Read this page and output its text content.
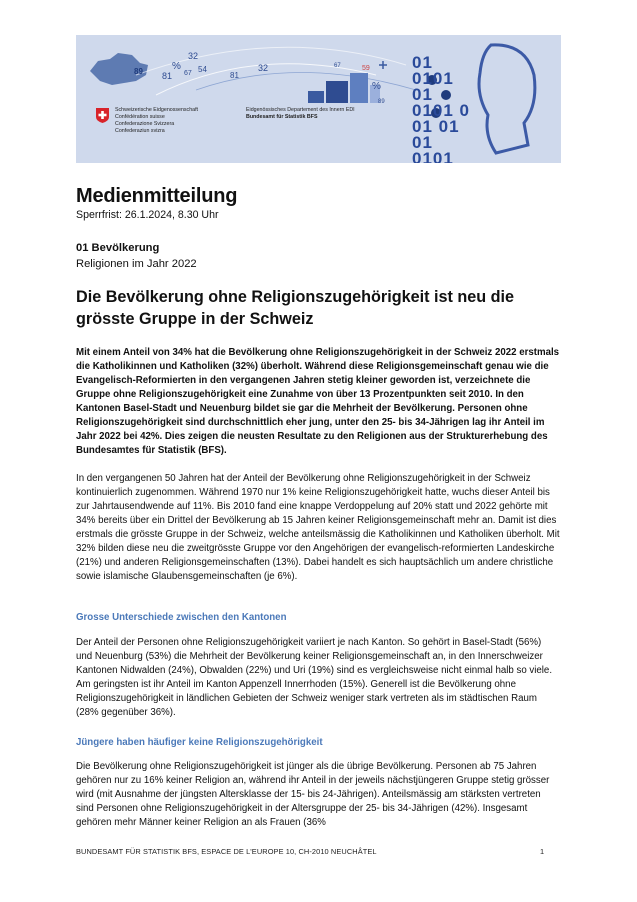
89 81
%
32
67 54
81
32	67	59
%
89
01 0101 01 0101 0 01 01 01 0101
Schweizerische Eidgenossenschaft
Confédération suisse
Confederazione Svizzera
Confederaziun svizra
Eidgenössisches Departement des Innern EDI
Bundesamt für Statistik BFS
Medienmitteilung
Sperrfrist: 26.1.2024, 8.30 Uhr
01 Bevölkerung
Religionen im Jahr 2022
Die Bevölkerung ohne Religionszugehörigkeit ist neu die grösste Gruppe in der Schweiz
Mit einem Anteil von 34% hat die Bevölkerung ohne Religionszugehörigkeit in der Schweiz 2022 erstmals die Katholikinnen und Katholiken (32%) überholt. Während diese Religionsgemeinschaft genau wie die Evangelisch-Reformierten in den vergangenen Jahren stetig kleiner geworden ist, verzeichnete die Gruppe ohne Religionszugehörigkeit eine Zunahme von über 13 Prozentpunkten seit 2010. In den Kantonen Basel-Stadt und Neuenburg bildet sie gar die Mehrheit der Bevölkerung. Personen ohne Religionszugehörigkeit sind durchschnittlich eher jung, unter den 25- bis 34-Jährigen lag ihr Anteil im Jahr 2022 bei 42%. Dies zeigen die neusten Resultate zu den Religionen aus der Strukturerhebung des Bundesamtes für Statistik (BFS).
In den vergangenen 50 Jahren hat der Anteil der Bevölkerung ohne Religionszugehörigkeit in der Schweiz kontinuierlich zugenommen. Während 1970 nur 1% keine Religionszugehörigkeit hatte, wuchs dieser Anteil bis zur Jahrtausendwende auf 11%. Bis 2010 fand eine knappe Verdoppelung auf 20% statt und 2022 gehörte mit 34% bereits über ein Drittel der Bevölkerung ab 15 Jahren keiner Religionsgemeinschaft mehr an. Damit ist dies erstmals die grösste Gruppe in der Schweiz, welche anteilsmässig die Katholikinnen und Katholiken überholt. Mit 32% bilden diese neu die zweitgrösste Gruppe vor den Angehörigen der evangelisch-reformierten Landeskirche (21%) und anderen Religionsgemeinschaften (13%). Dabei handelt es sich hauptsächlich um andere christliche sowie islamische Glaubensgemeinschaften (je 6%).
Grosse Unterschiede zwischen den Kantonen
Der Anteil der Personen ohne Religionszugehörigkeit variiert je nach Kanton. So gehört in Basel-Stadt (56%) und Neuenburg (53%) die Mehrheit der Bevölkerung keiner Religionsgemeinschaft an, in den Innerschweizer Kantonen Nidwalden (24%), Obwalden (22%) und Uri (19%) sind es vergleichsweise nicht einmal halb so viele. Am geringsten ist ihr Anteil im Kanton Appenzell Innerrhoden (15%). Generell ist die Bevölkerung ohne Religionszugehörigkeit in ländlichen Gebieten der Schweiz weniger stark vertreten als im städtischen Raum (28% gegenüber 36%).
Jüngere haben häufiger keine Religionszugehörigkeit
Die Bevölkerung ohne Religionszugehörigkeit ist jünger als die übrige Bevölkerung. Personen ab 75 Jahren gehören nur zu 16% keiner Religion an, während ihr Anteil in der jeweils nächstjüngeren Gruppe stetig grösser wird (mit Ausnahme der jüngsten Altersklasse der 15- bis 24-Jährigen). Anteilsmässig am stärksten vertreten sind Personen ohne Religionszugehörigkeit in der Altersgruppe der 25- bis 34-Jährigen (42%). Insgesamt gehören mehr Männer keiner Religion an als Frauen (36%
BUNDESAMT FÜR STATISTIK BFS, ESPACE DE L'EUROPE 10, CH-2010 NEUCHÂTEL	1
